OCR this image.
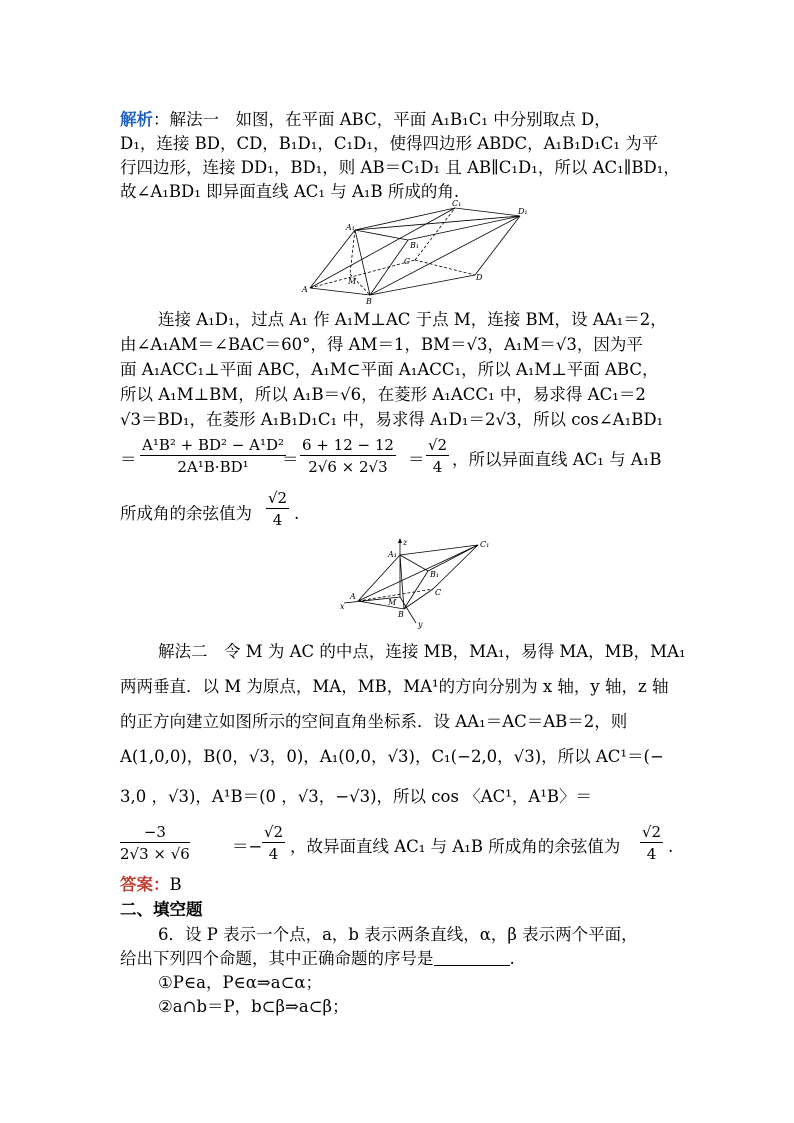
解析：解法一　如图，在平面 ABC，平面 A₁B₁C₁ 中分别取点 D，
D₁，连接 BD，CD，B₁D₁，C₁D₁，使得四边形 ABDC，A₁B₁D₁C₁ 为平
行四边形，连接 DD₁，BD₁，则 AB＝C₁D₁ 且 AB∥C₁D₁，所以 AC₁∥BD₁，
故∠A₁BD₁ 即异面直线 AC₁ 与 A₁B 所成的角.
C₁
D₁
A₁
B₁
C
M	D
A
B
连接 A₁D₁，过点 A₁ 作 A₁M⊥AC 于点 M，连接 BM，设 AA₁＝2，
由∠A₁AM＝∠BAC＝60°，得 AM＝1，BM＝√3，A₁M＝√3，因为平
面 A₁ACC₁⊥平面 ABC，A₁M⊂平面 A₁ACC₁，所以 A₁M⊥平面 ABC，
所以 A₁M⊥BM，所以 A₁B＝√6，在菱形 A₁ACC₁ 中，易求得 AC₁＝2
√3＝BD₁，在菱形 A₁B₁D₁C₁ 中，易求得 A₁D₁＝2√3，所以 cos∠A₁BD₁
＝ $\frac{\text{A¹B² + BD² − A¹D²}}{\text{2A¹B·BD¹}}$
＝ $\frac{6 + 12 - 12}{2√6 \times 2√3} = \frac{√2}{4}$ ，所以异面直线 AC₁ 与 A₁B
所成角的余弦值为 $\frac{√2}{4}$ .
z
A₁
C₁
B₁
C
M
A
x
B
y
解法二　令 M 为 AC 的中点，连接 MB，MA₁，易得 MA，MB，MA₁
两两垂直．以 M 为原点，MA，MB，MA¹的方向分别为 x 轴，y 轴，z 轴
的正方向建立如图所示的空间直角坐标系．设 AA₁＝AC＝AB＝2，则
A(1,0,0)，B(0，√3，0)，A₁(0,0，√3)，C₁(−2,0，√3)，所以 AC¹＝(−
3,0 ，√3)，A¹B＝(0 ，√3，−√3)，所以 cos 〈AC¹，A¹B〉＝
$\frac{-3}{2√3 \times √6}$	＝− $\frac{√2}{4}$ ，故异面直线 AC₁ 与 A₁B 所成角的余弦值为	$\frac{√2}{4}$ .
答案：B
二、填空题
6．设 P 表示一个点，a，b 表示两条直线，α，β 表示两个平面，
给出下列四个命题，其中正确命题的序号是	.
①P∈a，P∈α⇒a⊂α；
②a∩b＝P，b⊂β⇒a⊂β；
